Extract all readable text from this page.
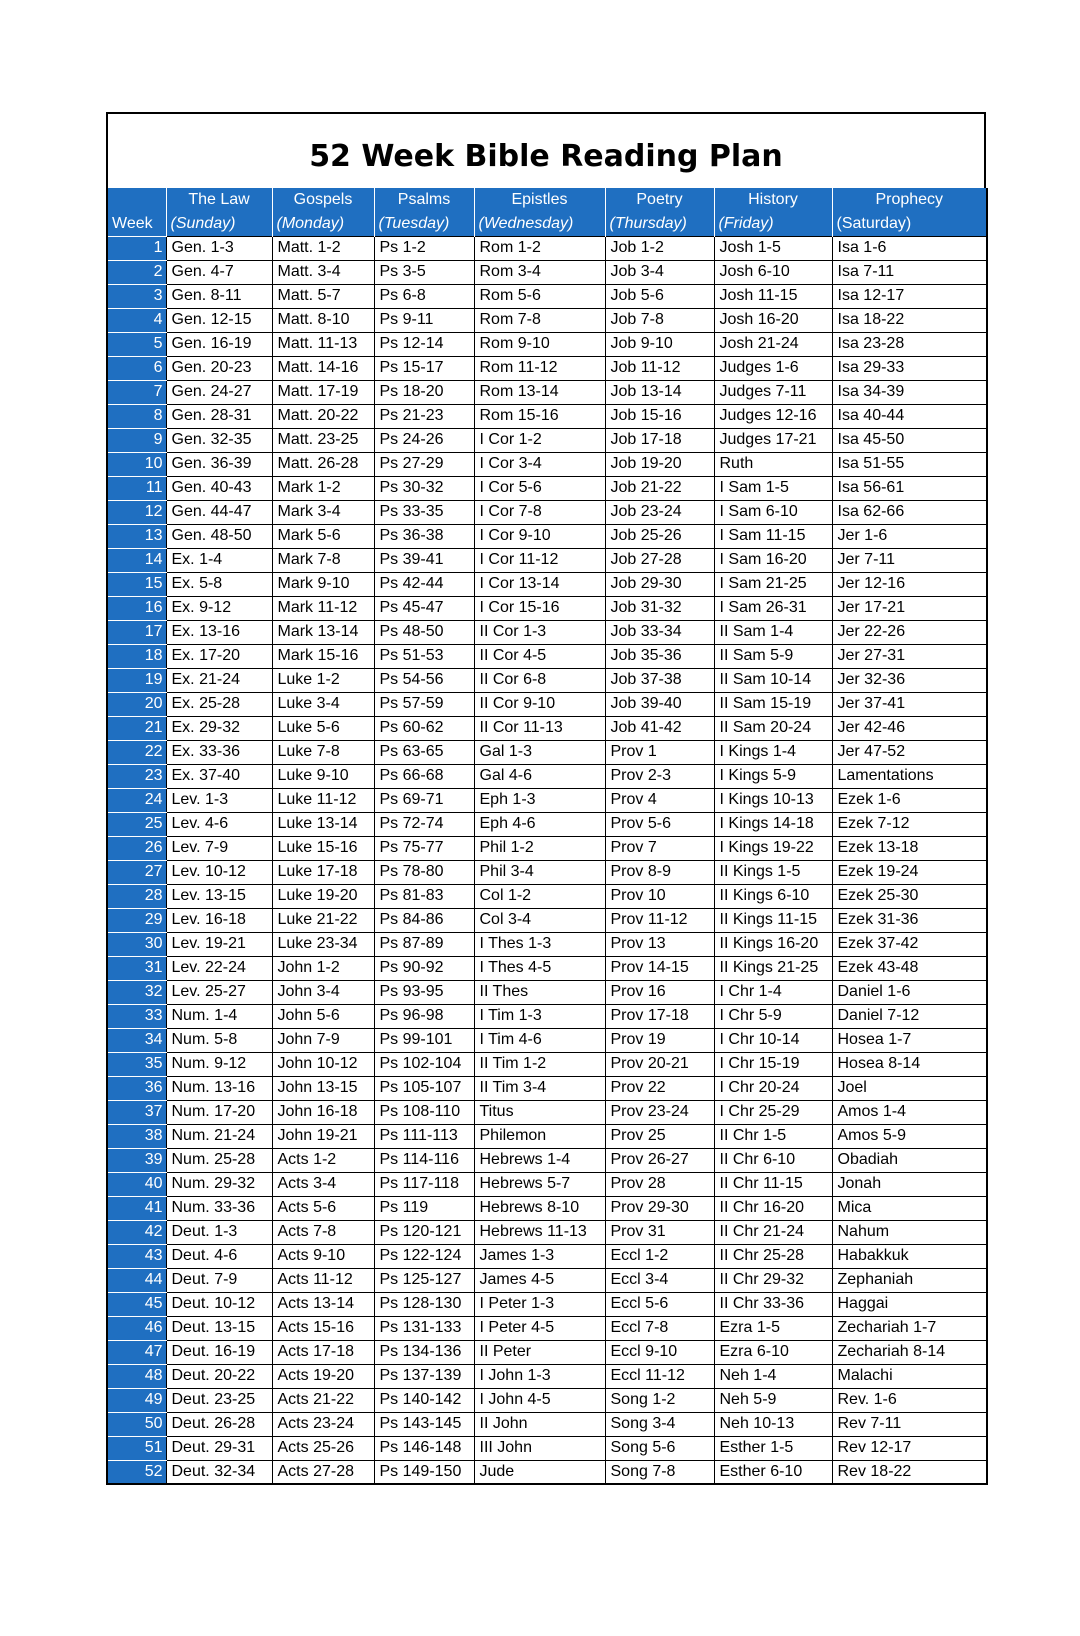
52 Week Bible Reading Plan
	The Law	Gospels	Psalms	Epistles	Poetry	History	Prophecy
Week	(Sunday)	(Monday)	(Tuesday)	(Wednesday)	(Thursday)	(Friday)	(Saturday)
1	Gen. 1-3	Matt. 1-2	Ps 1-2	Rom 1-2	Job 1-2	Josh 1-5	Isa 1-6
2	Gen. 4-7	Matt. 3-4	Ps 3-5	Rom 3-4	Job 3-4	Josh 6-10	Isa 7-11
3	Gen. 8-11	Matt. 5-7	Ps 6-8	Rom 5-6	Job 5-6	Josh 11-15	Isa 12-17
4	Gen. 12-15	Matt. 8-10	Ps 9-11	Rom 7-8	Job 7-8	Josh 16-20	Isa 18-22
5	Gen. 16-19	Matt. 11-13	Ps 12-14	Rom 9-10	Job 9-10	Josh 21-24	Isa 23-28
6	Gen. 20-23	Matt. 14-16	Ps 15-17	Rom 11-12	Job 11-12	Judges 1-6	Isa 29-33
7	Gen. 24-27	Matt. 17-19	Ps 18-20	Rom 13-14	Job 13-14	Judges 7-11	Isa 34-39
8	Gen. 28-31	Matt. 20-22	Ps 21-23	Rom 15-16	Job 15-16	Judges 12-16	Isa 40-44
9	Gen. 32-35	Matt. 23-25	Ps 24-26	I Cor 1-2	Job 17-18	Judges 17-21	Isa 45-50
10	Gen. 36-39	Matt. 26-28	Ps 27-29	I Cor 3-4	Job 19-20	Ruth	Isa 51-55
11	Gen. 40-43	Mark 1-2	Ps 30-32	I Cor 5-6	Job 21-22	I Sam 1-5	Isa 56-61
12	Gen. 44-47	Mark 3-4	Ps 33-35	I Cor 7-8	Job 23-24	I Sam 6-10	Isa 62-66
13	Gen. 48-50	Mark 5-6	Ps 36-38	I Cor 9-10	Job 25-26	I Sam 11-15	Jer 1-6
14	Ex. 1-4	Mark 7-8	Ps 39-41	I Cor 11-12	Job 27-28	I Sam 16-20	Jer 7-11
15	Ex. 5-8	Mark 9-10	Ps 42-44	I Cor 13-14	Job 29-30	I Sam 21-25	Jer 12-16
16	Ex. 9-12	Mark 11-12	Ps 45-47	I Cor 15-16	Job 31-32	I Sam 26-31	Jer 17-21
17	Ex. 13-16	Mark 13-14	Ps 48-50	II Cor 1-3	Job 33-34	II Sam 1-4	Jer 22-26
18	Ex. 17-20	Mark 15-16	Ps 51-53	II Cor 4-5	Job 35-36	II Sam 5-9	Jer 27-31
19	Ex. 21-24	Luke 1-2	Ps 54-56	II Cor 6-8	Job 37-38	II Sam 10-14	Jer 32-36
20	Ex. 25-28	Luke 3-4	Ps 57-59	II Cor 9-10	Job 39-40	II Sam 15-19	Jer 37-41
21	Ex. 29-32	Luke 5-6	Ps 60-62	II Cor 11-13	Job 41-42	II Sam 20-24	Jer 42-46
22	Ex. 33-36	Luke 7-8	Ps 63-65	Gal 1-3	Prov 1	I Kings 1-4	Jer 47-52
23	Ex. 37-40	Luke 9-10	Ps 66-68	Gal 4-6	Prov 2-3	I Kings 5-9	Lamentations
24	Lev. 1-3	Luke 11-12	Ps 69-71	Eph 1-3	Prov 4	I Kings 10-13	Ezek 1-6
25	Lev. 4-6	Luke 13-14	Ps 72-74	Eph 4-6	Prov 5-6	I Kings 14-18	Ezek 7-12
26	Lev. 7-9	Luke 15-16	Ps 75-77	Phil 1-2	Prov 7	I Kings 19-22	Ezek 13-18
27	Lev. 10-12	Luke 17-18	Ps 78-80	Phil 3-4	Prov 8-9	II Kings 1-5	Ezek 19-24
28	Lev. 13-15	Luke 19-20	Ps 81-83	Col 1-2	Prov 10	II Kings 6-10	Ezek 25-30
29	Lev. 16-18	Luke 21-22	Ps 84-86	Col 3-4	Prov 11-12	II Kings 11-15	Ezek 31-36
30	Lev. 19-21	Luke 23-34	Ps 87-89	I Thes 1-3	Prov 13	II Kings 16-20	Ezek 37-42
31	Lev. 22-24	John 1-2	Ps 90-92	I Thes 4-5	Prov 14-15	II Kings 21-25	Ezek 43-48
32	Lev. 25-27	John 3-4	Ps 93-95	II Thes	Prov 16	I Chr 1-4	Daniel 1-6
33	Num. 1-4	John 5-6	Ps 96-98	I Tim 1-3	Prov 17-18	I Chr 5-9	Daniel 7-12
34	Num. 5-8	John 7-9	Ps 99-101	I Tim 4-6	Prov 19	I Chr 10-14	Hosea 1-7
35	Num. 9-12	John 10-12	Ps 102-104	II Tim 1-2	Prov 20-21	I Chr 15-19	Hosea 8-14
36	Num. 13-16	John 13-15	Ps 105-107	II Tim 3-4	Prov 22	I Chr 20-24	Joel
37	Num. 17-20	John 16-18	Ps 108-110	Titus	Prov 23-24	I Chr 25-29	Amos 1-4
38	Num. 21-24	John 19-21	Ps 111-113	Philemon	Prov 25	II Chr 1-5	Amos 5-9
39	Num. 25-28	Acts 1-2	Ps 114-116	Hebrews 1-4	Prov 26-27	II Chr 6-10	Obadiah
40	Num. 29-32	Acts 3-4	Ps 117-118	Hebrews 5-7	Prov 28	II Chr 11-15	Jonah
41	Num. 33-36	Acts 5-6	Ps 119	Hebrews 8-10	Prov 29-30	II Chr 16-20	Mica
42	Deut. 1-3	Acts 7-8	Ps 120-121	Hebrews 11-13	Prov 31	II Chr 21-24	Nahum
43	Deut. 4-6	Acts 9-10	Ps 122-124	James 1-3	Eccl 1-2	II Chr 25-28	Habakkuk
44	Deut. 7-9	Acts 11-12	Ps 125-127	James 4-5	Eccl 3-4	II Chr 29-32	Zephaniah
45	Deut. 10-12	Acts 13-14	Ps 128-130	I Peter 1-3	Eccl 5-6	II Chr 33-36	Haggai
46	Deut. 13-15	Acts 15-16	Ps 131-133	I Peter 4-5	Eccl 7-8	Ezra 1-5	Zechariah 1-7
47	Deut. 16-19	Acts 17-18	Ps 134-136	II Peter	Eccl 9-10	Ezra 6-10	Zechariah 8-14
48	Deut. 20-22	Acts 19-20	Ps 137-139	I John 1-3	Eccl 11-12	Neh 1-4	Malachi
49	Deut. 23-25	Acts 21-22	Ps 140-142	I John 4-5	Song 1-2	Neh 5-9	Rev. 1-6
50	Deut. 26-28	Acts 23-24	Ps 143-145	II John	Song 3-4	Neh 10-13	Rev 7-11
51	Deut. 29-31	Acts 25-26	Ps 146-148	III John	Song 5-6	Esther 1-5	Rev 12-17
52	Deut. 32-34	Acts 27-28	Ps 149-150	Jude	Song 7-8	Esther 6-10	Rev 18-22
